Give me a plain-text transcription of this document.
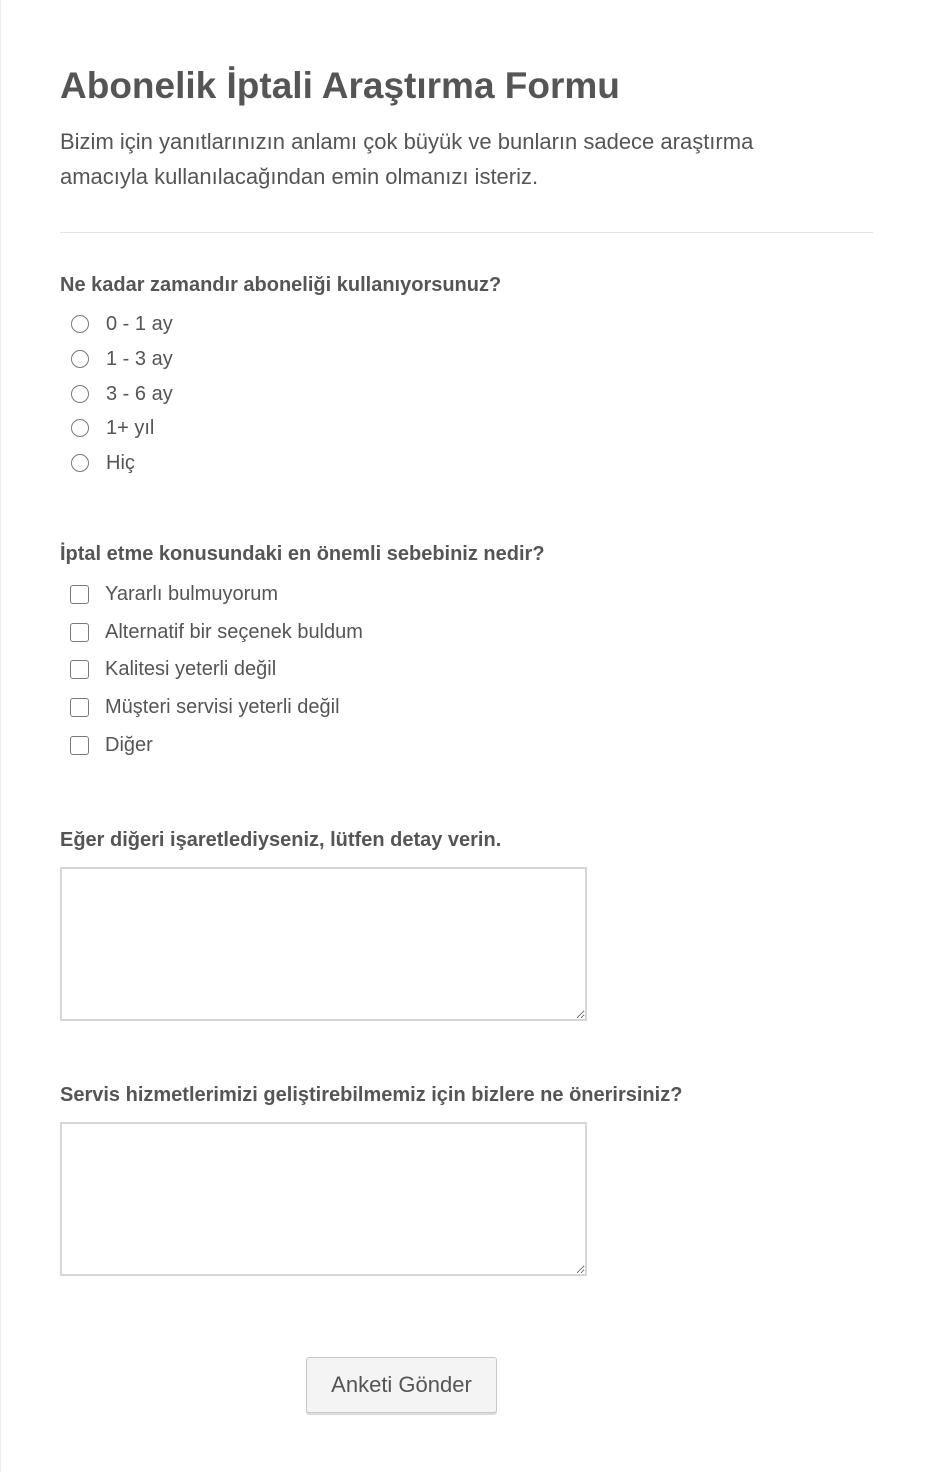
Abonelik İptali Araştırma Formu

Bizim için yanıtlarınızın anlamı çok büyük ve bunların sadece araştırma amacıyla kullanılacağından emin olmanızı isteriz.

Ne kadar zamandır aboneliği kullanıyorsunuz?
0 - 1 ay
1 - 3 ay
3 - 6 ay
1+ yıl
Hiç
İptal etme konusundaki en önemli sebebiniz nedir?
Yararlı bulmuyorum
Alternatif bir seçenek buldum
Kalitesi yeterli değil
Müşteri servisi yeterli değil
Diğer
Eğer diğeri işaretlediyseniz, lütfen detay verin.
Servis hizmetlerimizi geliştirebilmemiz için bizlere ne önerirsiniz?
Anketi Gönder
